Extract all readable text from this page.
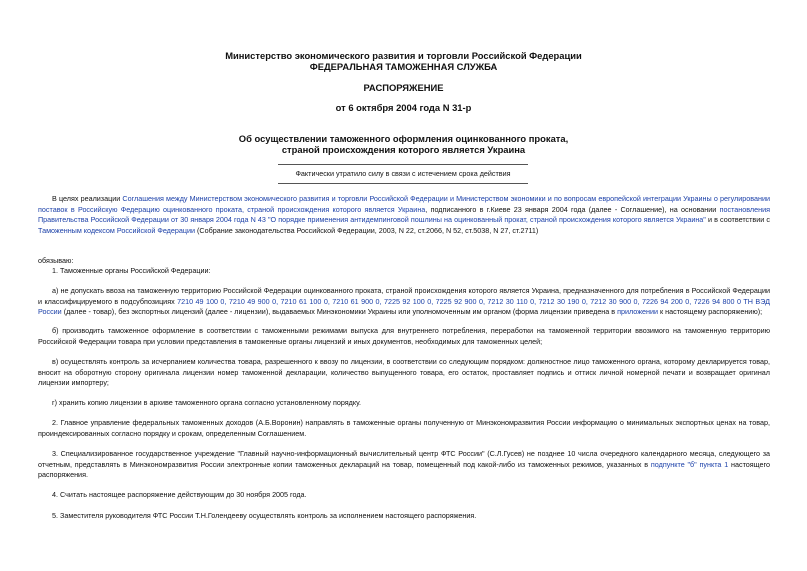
Министерство экономического развития и торговли Российской Федерации
ФЕДЕРАЛЬНАЯ ТАМОЖЕННАЯ СЛУЖБА
РАСПОРЯЖЕНИЕ
от 6 октября 2004 года N 31-р
Об осуществлении таможенного оформления оцинкованного проката,
страной происхождения которого является Украина
Фактически утратило силу в связи с истечением срока действия
В целях реализации Соглашения между Министерством экономического развития и торговли Российской Федерации и Министерством экономики и по вопросам европейской интеграции Украины о регулировании поставок в Российскую Федерацию оцинкованного проката, страной происхождения которого является Украина, подписанного в г.Киеве 23 января 2004 года (далее - Соглашение), на основании постановления Правительства Российской Федерации от 30 января 2004 года N 43 "О порядке применения антидемпинговой пошлины на оцинкованный прокат, страной происхождения которого является Украина" и в соответствии с Таможенным кодексом Российской Федерации (Собрание законодательства Российской Федерации, 2003, N 22, ст.2066, N 52, ст.5038, N 27, ст.2711)
обязываю:
1. Таможенные органы Российской Федерации:
а) не допускать ввоза на таможенную территорию Российской Федерации оцинкованного проката, страной происхождения которого является Украина, предназначенного для потребления в Российской Федерации и классифицируемого в подсубпозициях 7210 49 100 0, 7210 49 900 0, 7210 61 100 0, 7210 61 900 0, 7225 92 100 0, 7225 92 900 0, 7212 30 110 0, 7212 30 190 0, 7212 30 900 0, 7226 94 200 0, 7226 94 800 0 ТН ВЭД России (далее - товар), без экспортных лицензий (далее - лицензии), выдаваемых Минэкономики Украины или уполномоченным им органом (форма лицензии приведена в приложении к настоящему распоряжению);
б) производить таможенное оформление в соответствии с таможенными режимами выпуска для внутреннего потребления, переработки на таможенной территории ввозимого на таможенную территорию Российской Федерации товара при условии представления в таможенные органы лицензий и иных документов, необходимых для таможенных целей;
в) осуществлять контроль за исчерпанием количества товара, разрешенного к ввозу по лицензии, в соответствии со следующим порядком: должностное лицо таможенного органа, которому декларируется товар, вносит на оборотную сторону оригинала лицензии номер таможенной декларации, количество выпущенного товара, его остаток, проставляет подпись и оттиск личной номерной печати и возвращает оригинал лицензии импортеру;
г) хранить копию лицензии в архиве таможенного органа согласно установленному порядку.
2. Главное управление федеральных таможенных доходов (А.Б.Воронин) направлять в таможенные органы полученную от Минэкономразвития России информацию о минимальных экспортных ценах на товар, проиндексированных согласно порядку и срокам, определенным Соглашением.
3. Специализированное государственное учреждение "Главный научно-информационный вычислительный центр ФТС России" (С.Л.Гусев) не позднее 10 числа очередного календарного месяца, следующего за отчетным, представлять в Минэкономразвития России электронные копии таможенных деклараций на товар, помещенный под какой-либо из таможенных режимов, указанных в подпункте "б" пункта 1 настоящего распоряжения.
4. Считать настоящее распоряжение действующим до 30 ноября 2005 года.
5. Заместителя руководителя ФТС России Т.Н.Голендееву осуществлять контроль за исполнением настоящего распоряжения.
